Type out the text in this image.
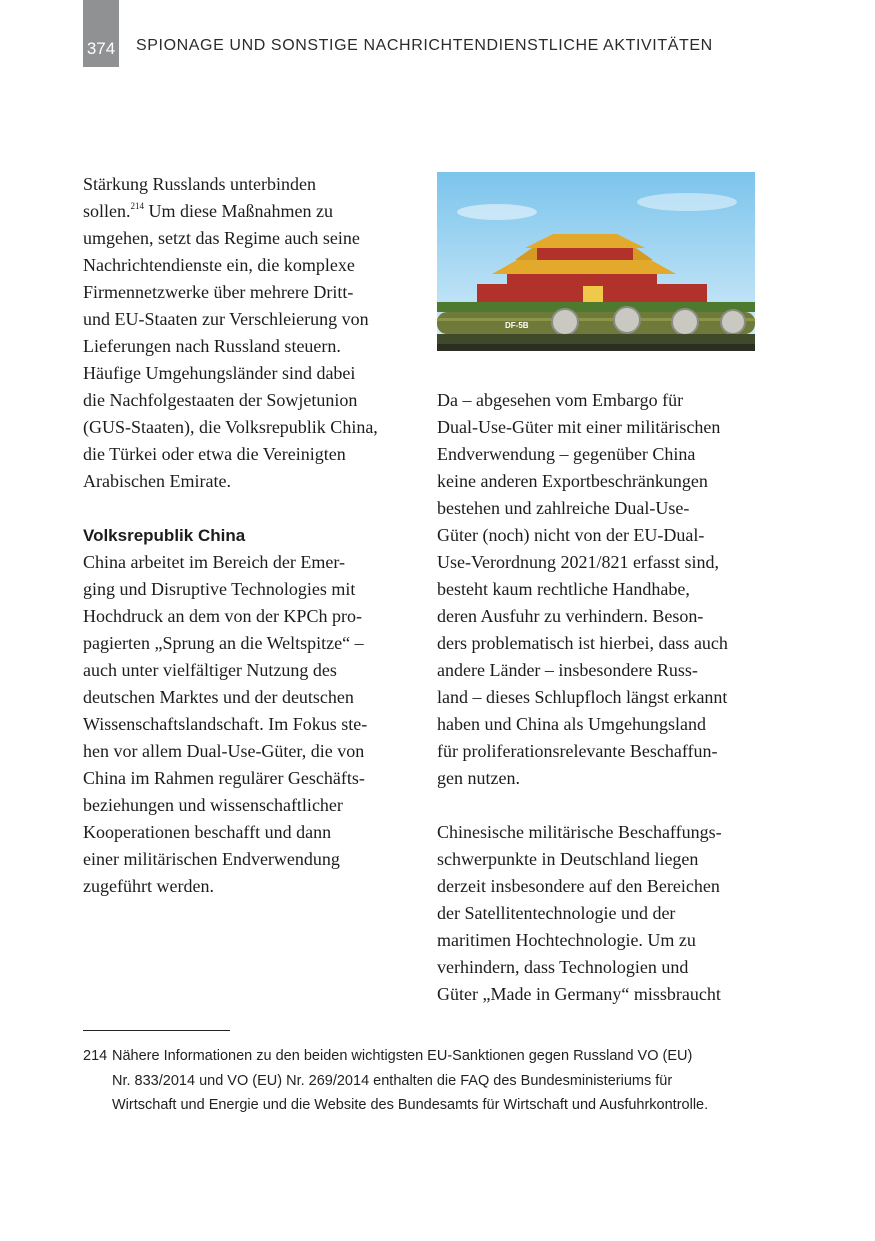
374 SPIONAGE UND SONSTIGE NACHRICHTENDIENSTLICHE AKTIVITÄTEN
Stärkung Russlands unterbinden
sollen.$^{214}$ Um diese Maßnahmen zu
umgehen, setzt das Regime auch seine
Nachrichtendienste ein, die komplexe
Firmennetzwerke über mehrere Dritt-
und EU-Staaten zur Verschleierung von
Lieferungen nach Russland steuern.
Häufige Umgehungsländer sind dabei
die Nachfolgestaaten der Sowjetunion
(GUS-Staaten), die Volksrepublik China,
die Türkei oder etwa die Vereinigten
Arabischen Emirate.
Volksrepublik China
China arbeitet im Bereich der Emer-
ging und Disruptive Technologies mit
Hochdruck an dem von der KPCh pro-
pagierten „Sprung an die Weltspitze“ –
auch unter vielfältiger Nutzung des
deutschen Marktes und der deutschen
Wissenschaftslandschaft. Im Fokus ste-
hen vor allem Dual-Use-Güter, die von
China im Rahmen regulärer Geschäfts-
beziehungen und wissenschaftlicher
Kooperationen beschafft und dann
einer militärischen Endverwendung
zugeführt werden.
DF-5B
Da – abgesehen vom Embargo für
Dual-Use-Güter mit einer militärischen
Endverwendung – gegenüber China
keine anderen Exportbeschränkungen
bestehen und zahlreiche Dual-Use-
Güter (noch) nicht von der EU-Dual-
Use-Verordnung 2021/821 erfasst sind,
besteht kaum rechtliche Handhabe,
deren Ausfuhr zu verhindern. Beson-
ders problematisch ist hierbei, dass auch
andere Länder – insbesondere Russ-
land – dieses Schlupfloch längst erkannt
haben und China als Umgehungsland
für proliferationsrelevante Beschaffun-
gen nutzen.
Chinesische militärische Beschaffungs-
schwerpunkte in Deutschland liegen
derzeit insbesondere auf den Bereichen
der Satellitentechnologie und der
maritimen Hochtechnologie. Um zu
verhindern, dass Technologien und
Güter „Made in Germany“ missbraucht
214 Nähere Informationen zu den beiden wichtigsten EU-Sanktionen gegen Russland VO (EU)
Nr. 833/2014 und VO (EU) Nr. 269/2014 enthalten die FAQ des Bundesministeriums für
Wirtschaft und Energie und die Website des Bundesamts für Wirtschaft und Ausfuhrkontrolle.
